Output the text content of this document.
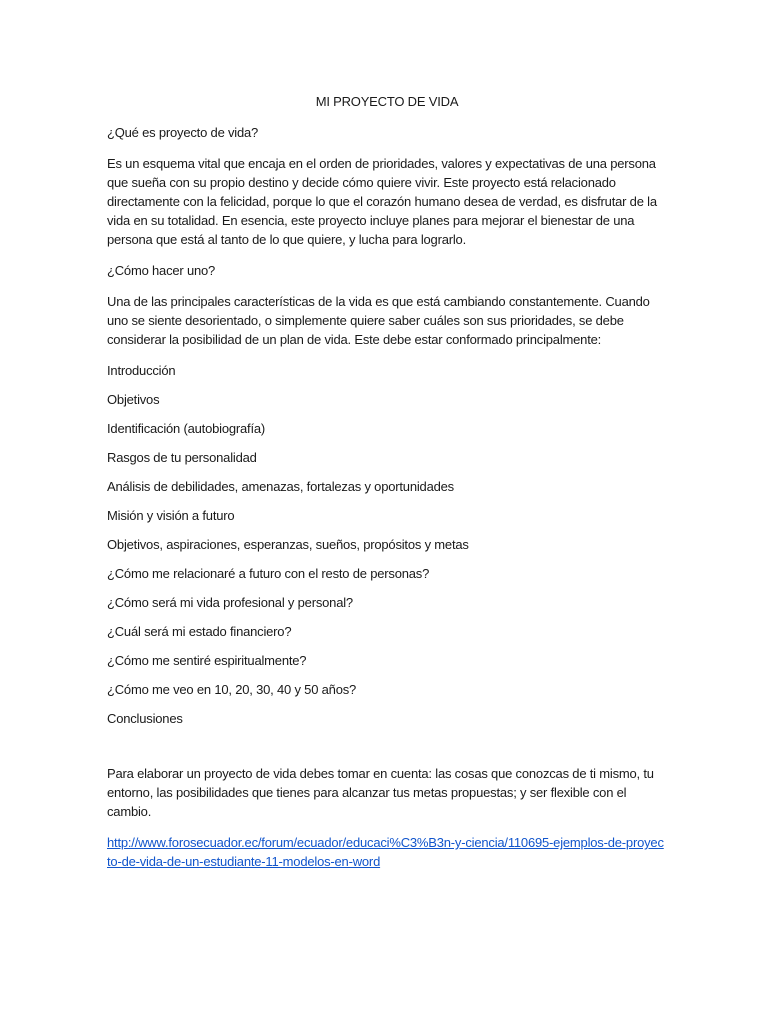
MI PROYECTO DE VIDA
¿Qué es proyecto de vida?
Es un esquema vital que encaja en el orden de prioridades, valores y expectativas de una persona que sueña con su propio destino y decide cómo quiere vivir. Este proyecto está relacionado directamente con la felicidad, porque lo que el corazón humano desea de verdad, es disfrutar de la vida en su totalidad. En esencia, este proyecto incluye planes para mejorar el bienestar de una persona que está al tanto de lo que quiere, y lucha para lograrlo.
¿Cómo hacer uno?
Una de las principales características de la vida es que está cambiando constantemente. Cuando uno se siente desorientado, o simplemente quiere saber cuáles son sus prioridades, se debe considerar la posibilidad de un plan de vida. Este debe estar conformado principalmente:
Introducción
Objetivos
Identificación (autobiografía)
Rasgos de tu personalidad
Análisis de debilidades, amenazas, fortalezas y oportunidades
Misión y visión a futuro
Objetivos, aspiraciones, esperanzas, sueños, propósitos y metas
¿Cómo me relacionaré a futuro con el resto de personas?
¿Cómo será mi vida profesional y personal?
¿Cuál será mi estado financiero?
¿Cómo me sentiré espiritualmente?
¿Cómo me veo en 10, 20, 30, 40 y 50 años?
Conclusiones
Para elaborar un proyecto de vida debes tomar en cuenta: las cosas que conozcas de ti mismo, tu entorno, las posibilidades que tienes para alcanzar tus metas propuestas; y ser flexible con el cambio.
http://www.forosecuador.ec/forum/ecuador/educaci%C3%B3n-y-ciencia/110695-ejemplos-de-proyecto-de-vida-de-un-estudiante-11-modelos-en-word
